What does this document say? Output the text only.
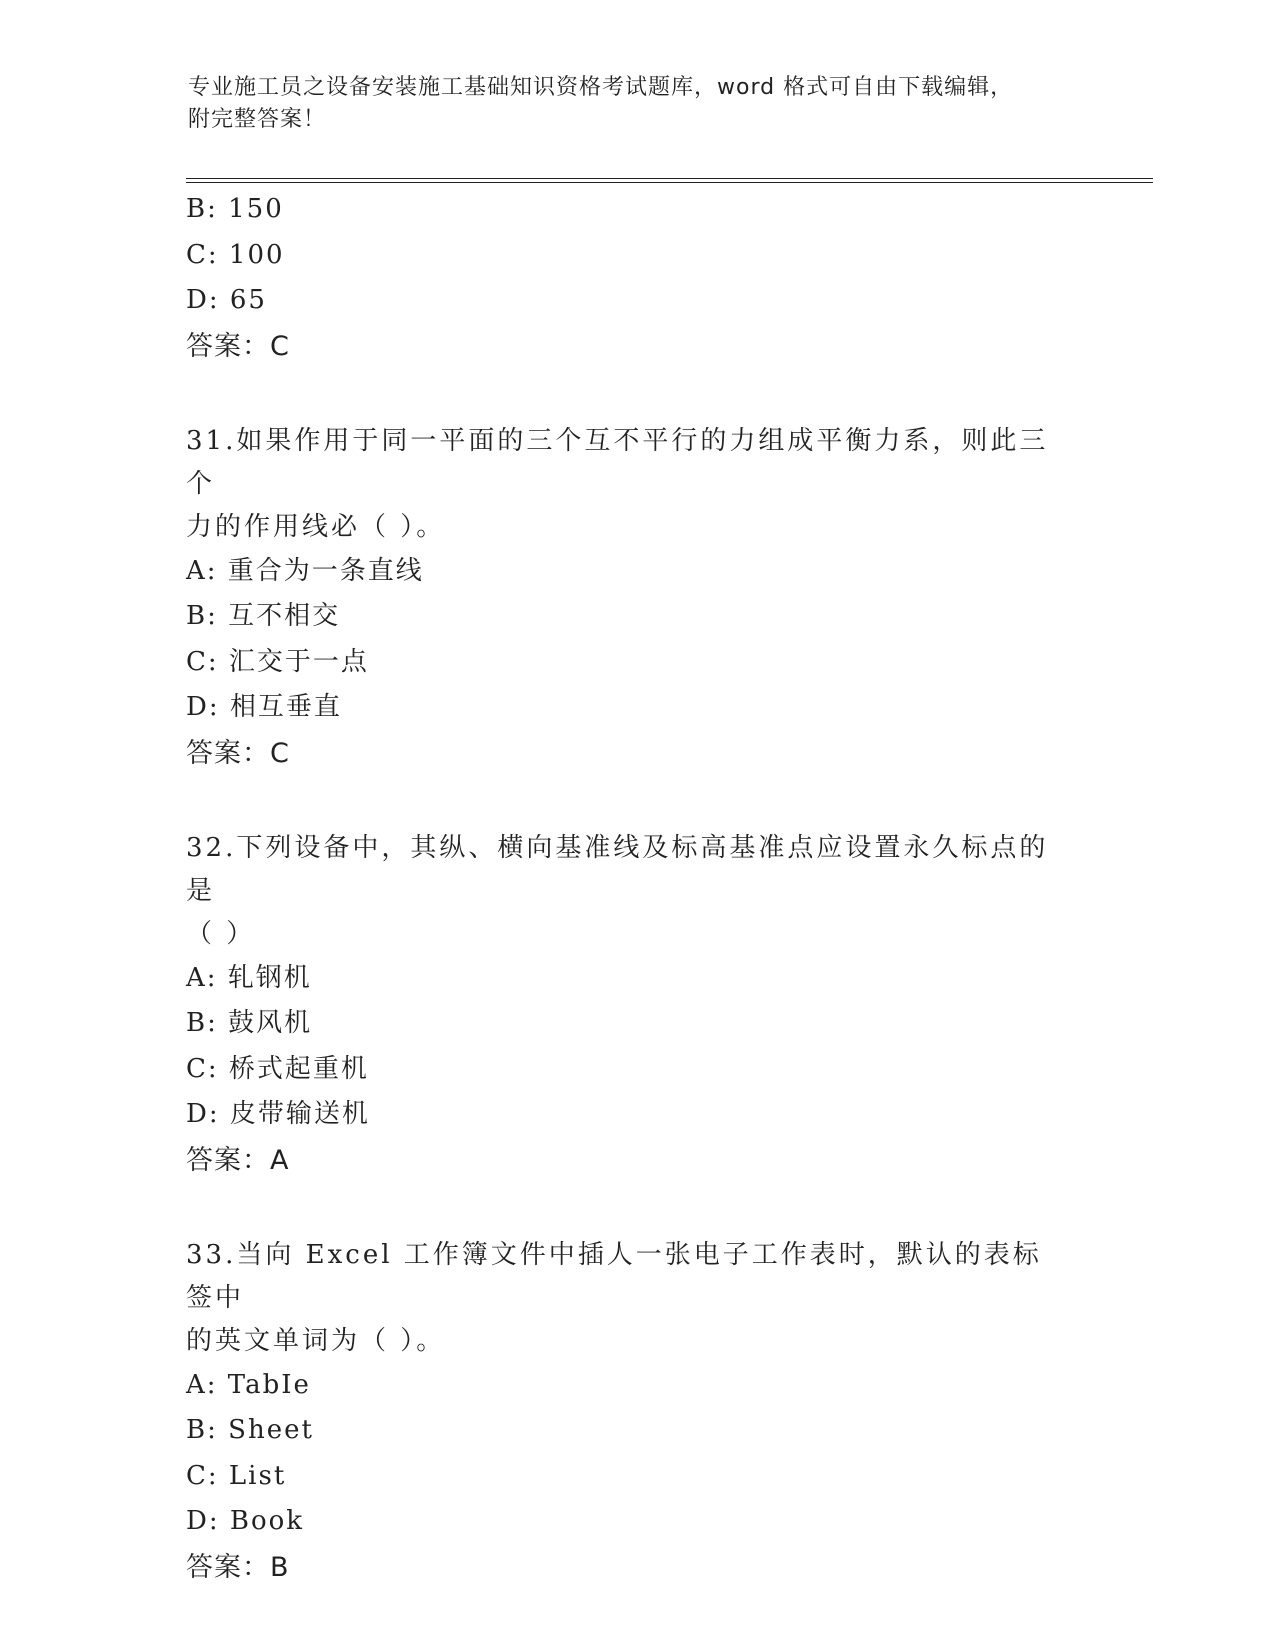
专业施工员之设备安装施工基础知识资格考试题库，word 格式可自由下载编辑，
附完整答案！
B: 150
C: 100
D: 65
答案：C
31.如果作用于同一平面的三个互不平行的力组成平衡力系，则此三个
力的作用线必（ ）。
A: 重合为一条直线
B: 互不相交
C: 汇交于一点
D: 相互垂直
答案：C
32.下列设备中，其纵、横向基准线及标高基准点应设置永久标点的是
（ ）
A: 轧钢机
B: 鼓风机
C: 桥式起重机
D: 皮带输送机
答案：A
33.当向 Excel 工作簿文件中插人一张电子工作表时，默认的表标签中
的英文单词为（ ）。
A: TabIe
B: Sheet
C: List
D: Book
答案：B
